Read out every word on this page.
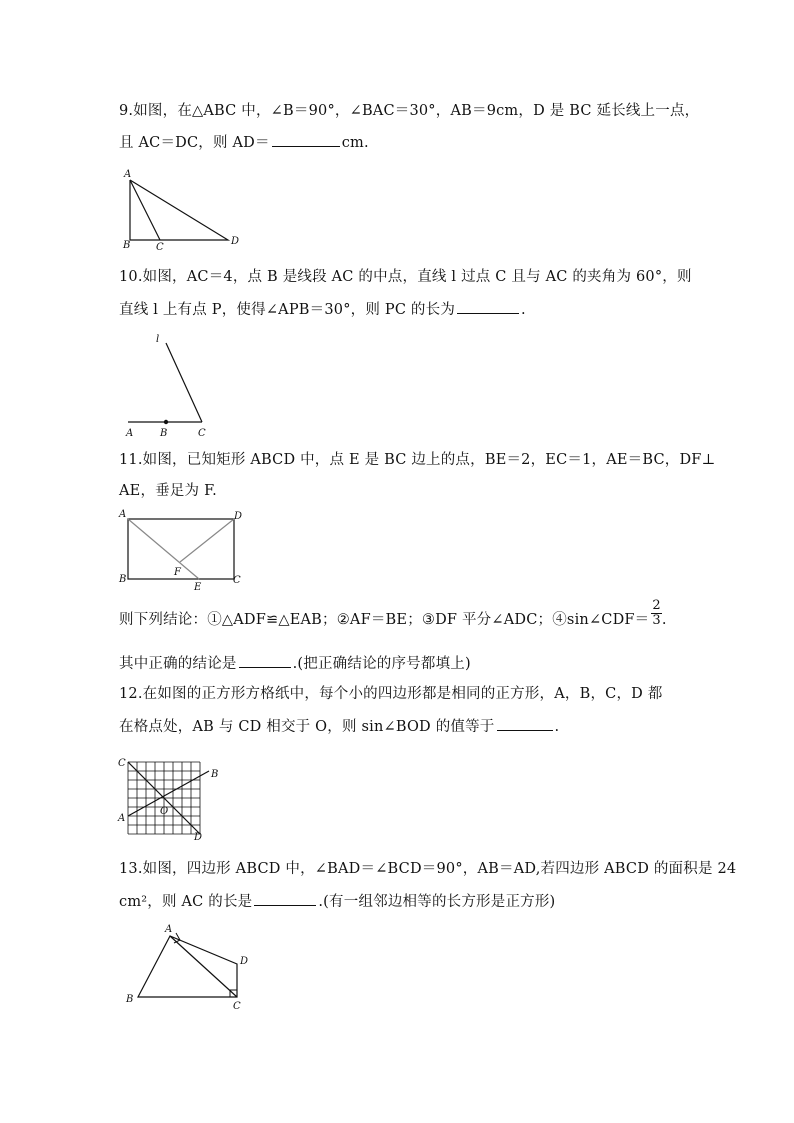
9.如图，在△ABC 中，∠B＝90°，∠BAC＝30°，AB＝9cm，D 是 BC 延长线上一点，
且 AC＝DC，则 AD＝	cm.
A
B	C
D
10.如图，AC＝4，点 B 是线段 AC 的中点，直线 l 过点 C 且与 AC 的夹角为 60°，则
直线 l 上有点 P，使得∠APB＝30°，则 PC 的长为	.
l
A	B	C
11.如图，已知矩形 ABCD 中，点 E 是 BC 边上的点，BE＝2，EC＝1，AE＝BC，DF⊥
AE，垂足为 F.
A	D
B
F
E
C
则下列结论：①△ADF≌△EAB；②AF＝BE；③DF 平分∠ADC；④sin∠CDF＝ $\frac{2}{3}$ .
其中正确的结论是	.(把正确结论的序号都填上)
12.在如图的正方形方格纸中，每个小的四边形都是相同的正方形，A，B，C，D 都
在格点处，AB 与 CD 相交于 O，则 sin∠BOD 的值等于	.
C
B
A
O
D
13.如图，四边形 ABCD 中，∠BAD＝∠BCD＝90°，AB＝AD,若四边形 ABCD 的面积是 24
cm²，则 AC 的长是	.(有一组邻边相等的长方形是正方形)
A
D
B
C
